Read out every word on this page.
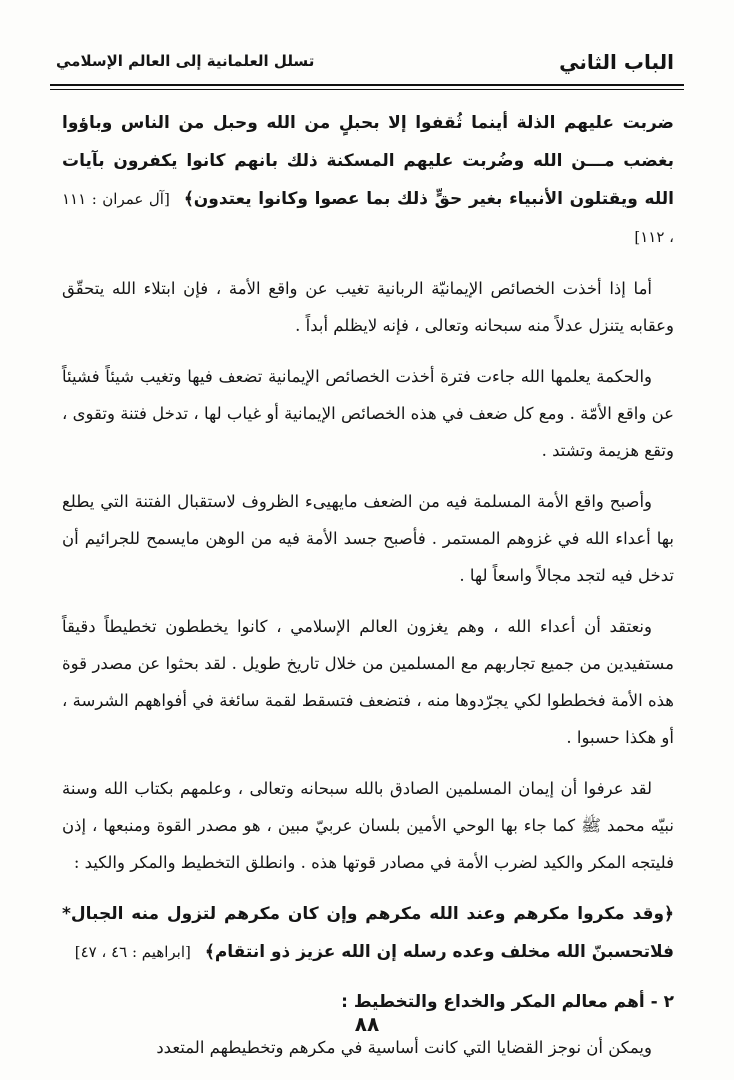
الباب الثاني
تسلل العلمانية إلى العالم الإسلامي

ضربت عليهم الذلة أينما ثُقفوا إلا بحبلٍ من الله وحبل من الناس وباؤوا بغضب مـــن الله وضُربت عليهم المسكنة ذلك بانهم كانوا يكفرون بآيات الله ويقتلون الأنبياء بغير حقٍّ ذلك بما عصوا وكانوا يعتدون﴾[آل عمران : ١١١ ، ١١٢]

أما إذا أخذت الخصائص الإيمانيّة الربانية تغيب عن واقع الأمة ، فإن ابتلاء الله يتحقّق وعقابه يتنزل عدلاً منه سبحانه وتعالى ، فإنه لايظلم أبداً .

والحكمة يعلمها الله جاءت فترة أخذت الخصائص الإيمانية تضعف فيها وتغيب شيئاً فشيئاً عن واقع الأمّة . ومع كل ضعف في هذه الخصائص الإيمانية أو غياب لها ، تدخل فتنة وتقوى ، وتقع هزيمة وتشتد .

وأصبح واقع الأمة المسلمة فيه من الضعف مايهيىء الظروف لاستقبال الفتنة التي يطلع بها أعداء الله في غزوهم المستمر . فأصبح جسد الأمة فيه من الوهن مايسمح للجرائيم أن تدخل فيه لتجد مجالاً واسعاً لها .

ونعتقد أن أعداء الله ، وهم يغزون العالم الإسلامي ، كانوا يخططون تخطيطاً دقيقاً مستفيدين من جميع تجاربهم مع المسلمين من خلال تاريخ طويل . لقد بحثوا عن مصدر قوة هذه الأمة فخططوا لكي يجرّدوها منه ، فتضعف فتسقط لقمة سائغة في أفواههم الشرسة ، أو هكذا حسبوا .

لقد عرفوا أن إيمان المسلمين الصادق بالله سبحانه وتعالى ، وعلمهم بكتاب الله وسنة نبيّه محمد ﷺ كما جاء بها الوحي الأمين بلسان عربيّ مبين ، هو مصدر القوة ومنبعها ، إذن فليتجه المكر والكيد لضرب الأمة في مصادر قوتها هذه . وانطلق التخطيط والمكر والكيد :

﴿وقد مكروا مكرهم وعند الله مكرهم وإن كان مكرهم لتزول منه الجبال* فلاتحسبنّ الله مخلف وعده رسله إن الله عزيز ذو انتقام﴾[ابراهيم : ٤٦ ، ٤٧]

٢ - أهم معالم المكر والخداع والتخطيط :

ويمكن أن نوجز القضايا التي كانت أساسية في مكرهم وتخطيطهم المتعدد

٨٨
